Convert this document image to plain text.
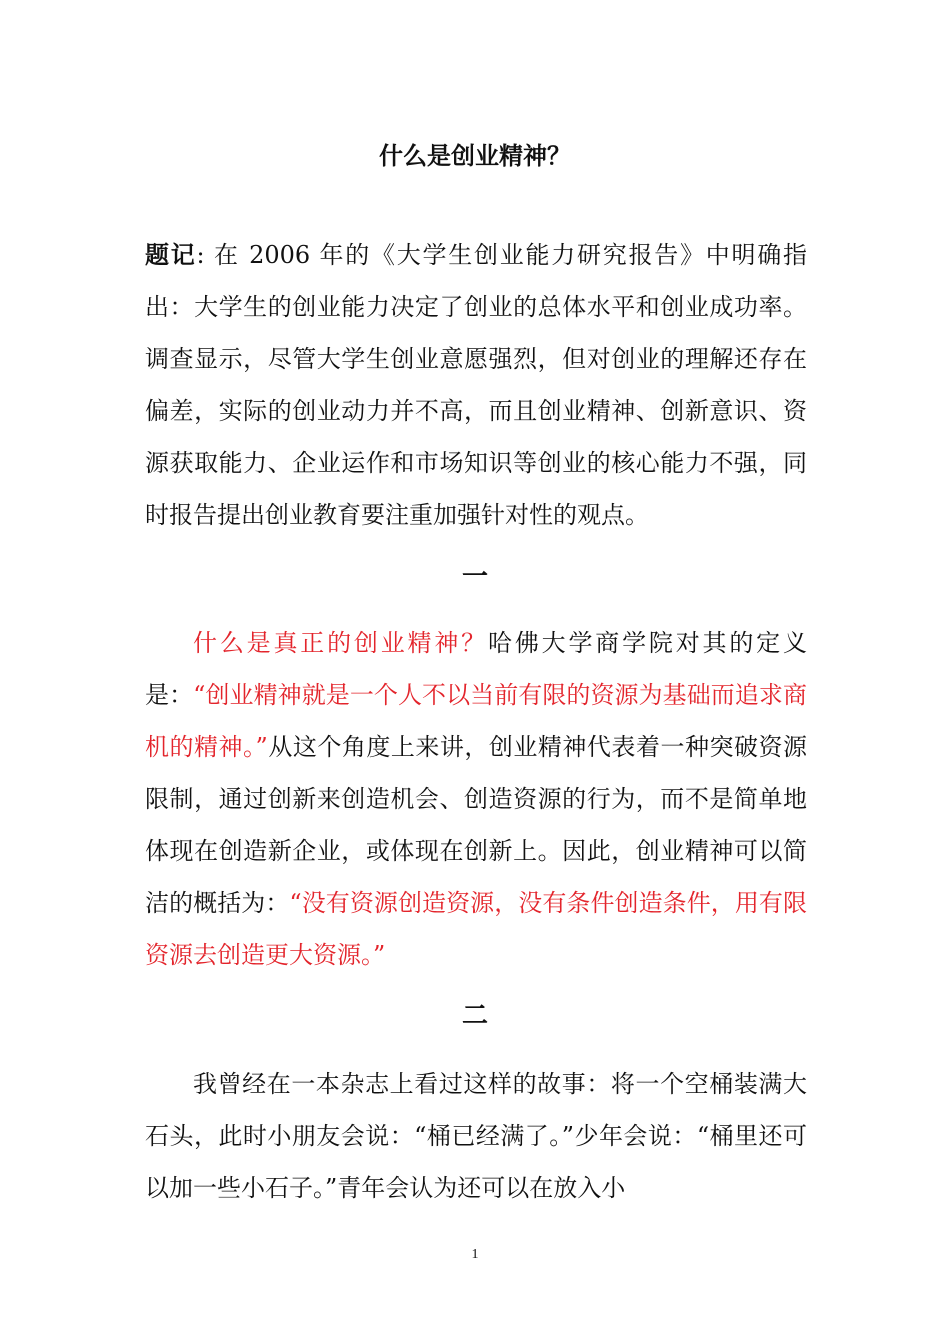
什么是创业精神？
题记: 在 2006 年的《大学生创业能力研究报告》中明确指出：大学生的创业能力决定了创业的总体水平和创业成功率。调查显示，尽管大学生创业意愿强烈，但对创业的理解还存在偏差，实际的创业动力并不高，而且创业精神、创新意识、资源获取能力、企业运作和市场知识等创业的核心能力不强，同时报告提出创业教育要注重加强针对性的观点。
一
什么是真正的创业精神？哈佛大学商学院对其的定义是：“创业精神就是一个人不以当前有限的资源为基础而追求商机的精神。”从这个角度上来讲，创业精神代表着一种突破资源限制，通过创新来创造机会、创造资源的行为，而不是简单地体现在创造新企业，或体现在创新上。因此，创业精神可以简洁的概括为：“没有资源创造资源，没有条件创造条件，用有限资源去创造更大资源。”
二
我曾经在一本杂志上看过这样的故事：将一个空桶装满大石头，此时小朋友会说：“桶已经满了。”少年会说：“桶里还可以加一些小石子。”青年会认为还可以在放入小
1
